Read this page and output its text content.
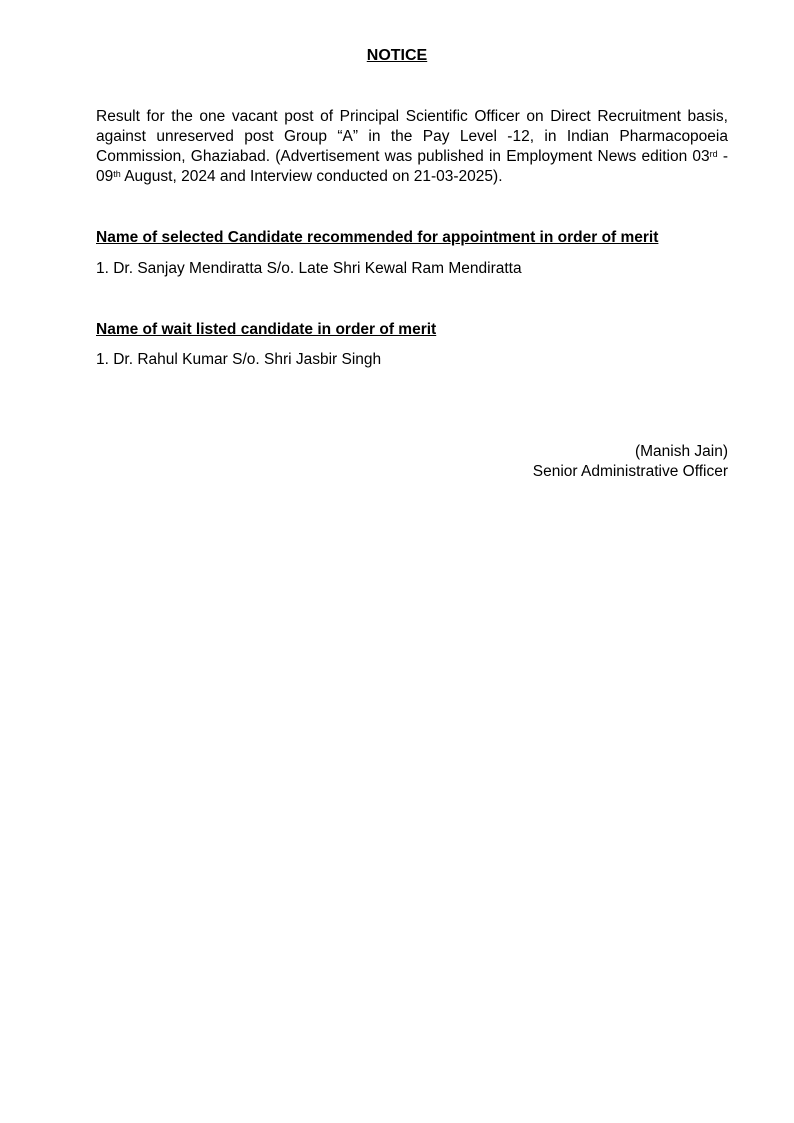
NOTICE
Result for the one vacant post of Principal Scientific Officer on Direct Recruitment basis, against unreserved post Group “A” in the Pay Level -12, in Indian Pharmacopoeia Commission, Ghaziabad. (Advertisement was published in Employment News edition 03rd - 09th August, 2024 and Interview conducted on 21-03-2025).
Name of selected Candidate recommended for appointment in order of merit
1. Dr. Sanjay Mendiratta S/o. Late Shri Kewal Ram Mendiratta
Name of wait listed candidate in order of merit
1. Dr. Rahul Kumar S/o. Shri Jasbir Singh
(Manish Jain)
Senior Administrative Officer
